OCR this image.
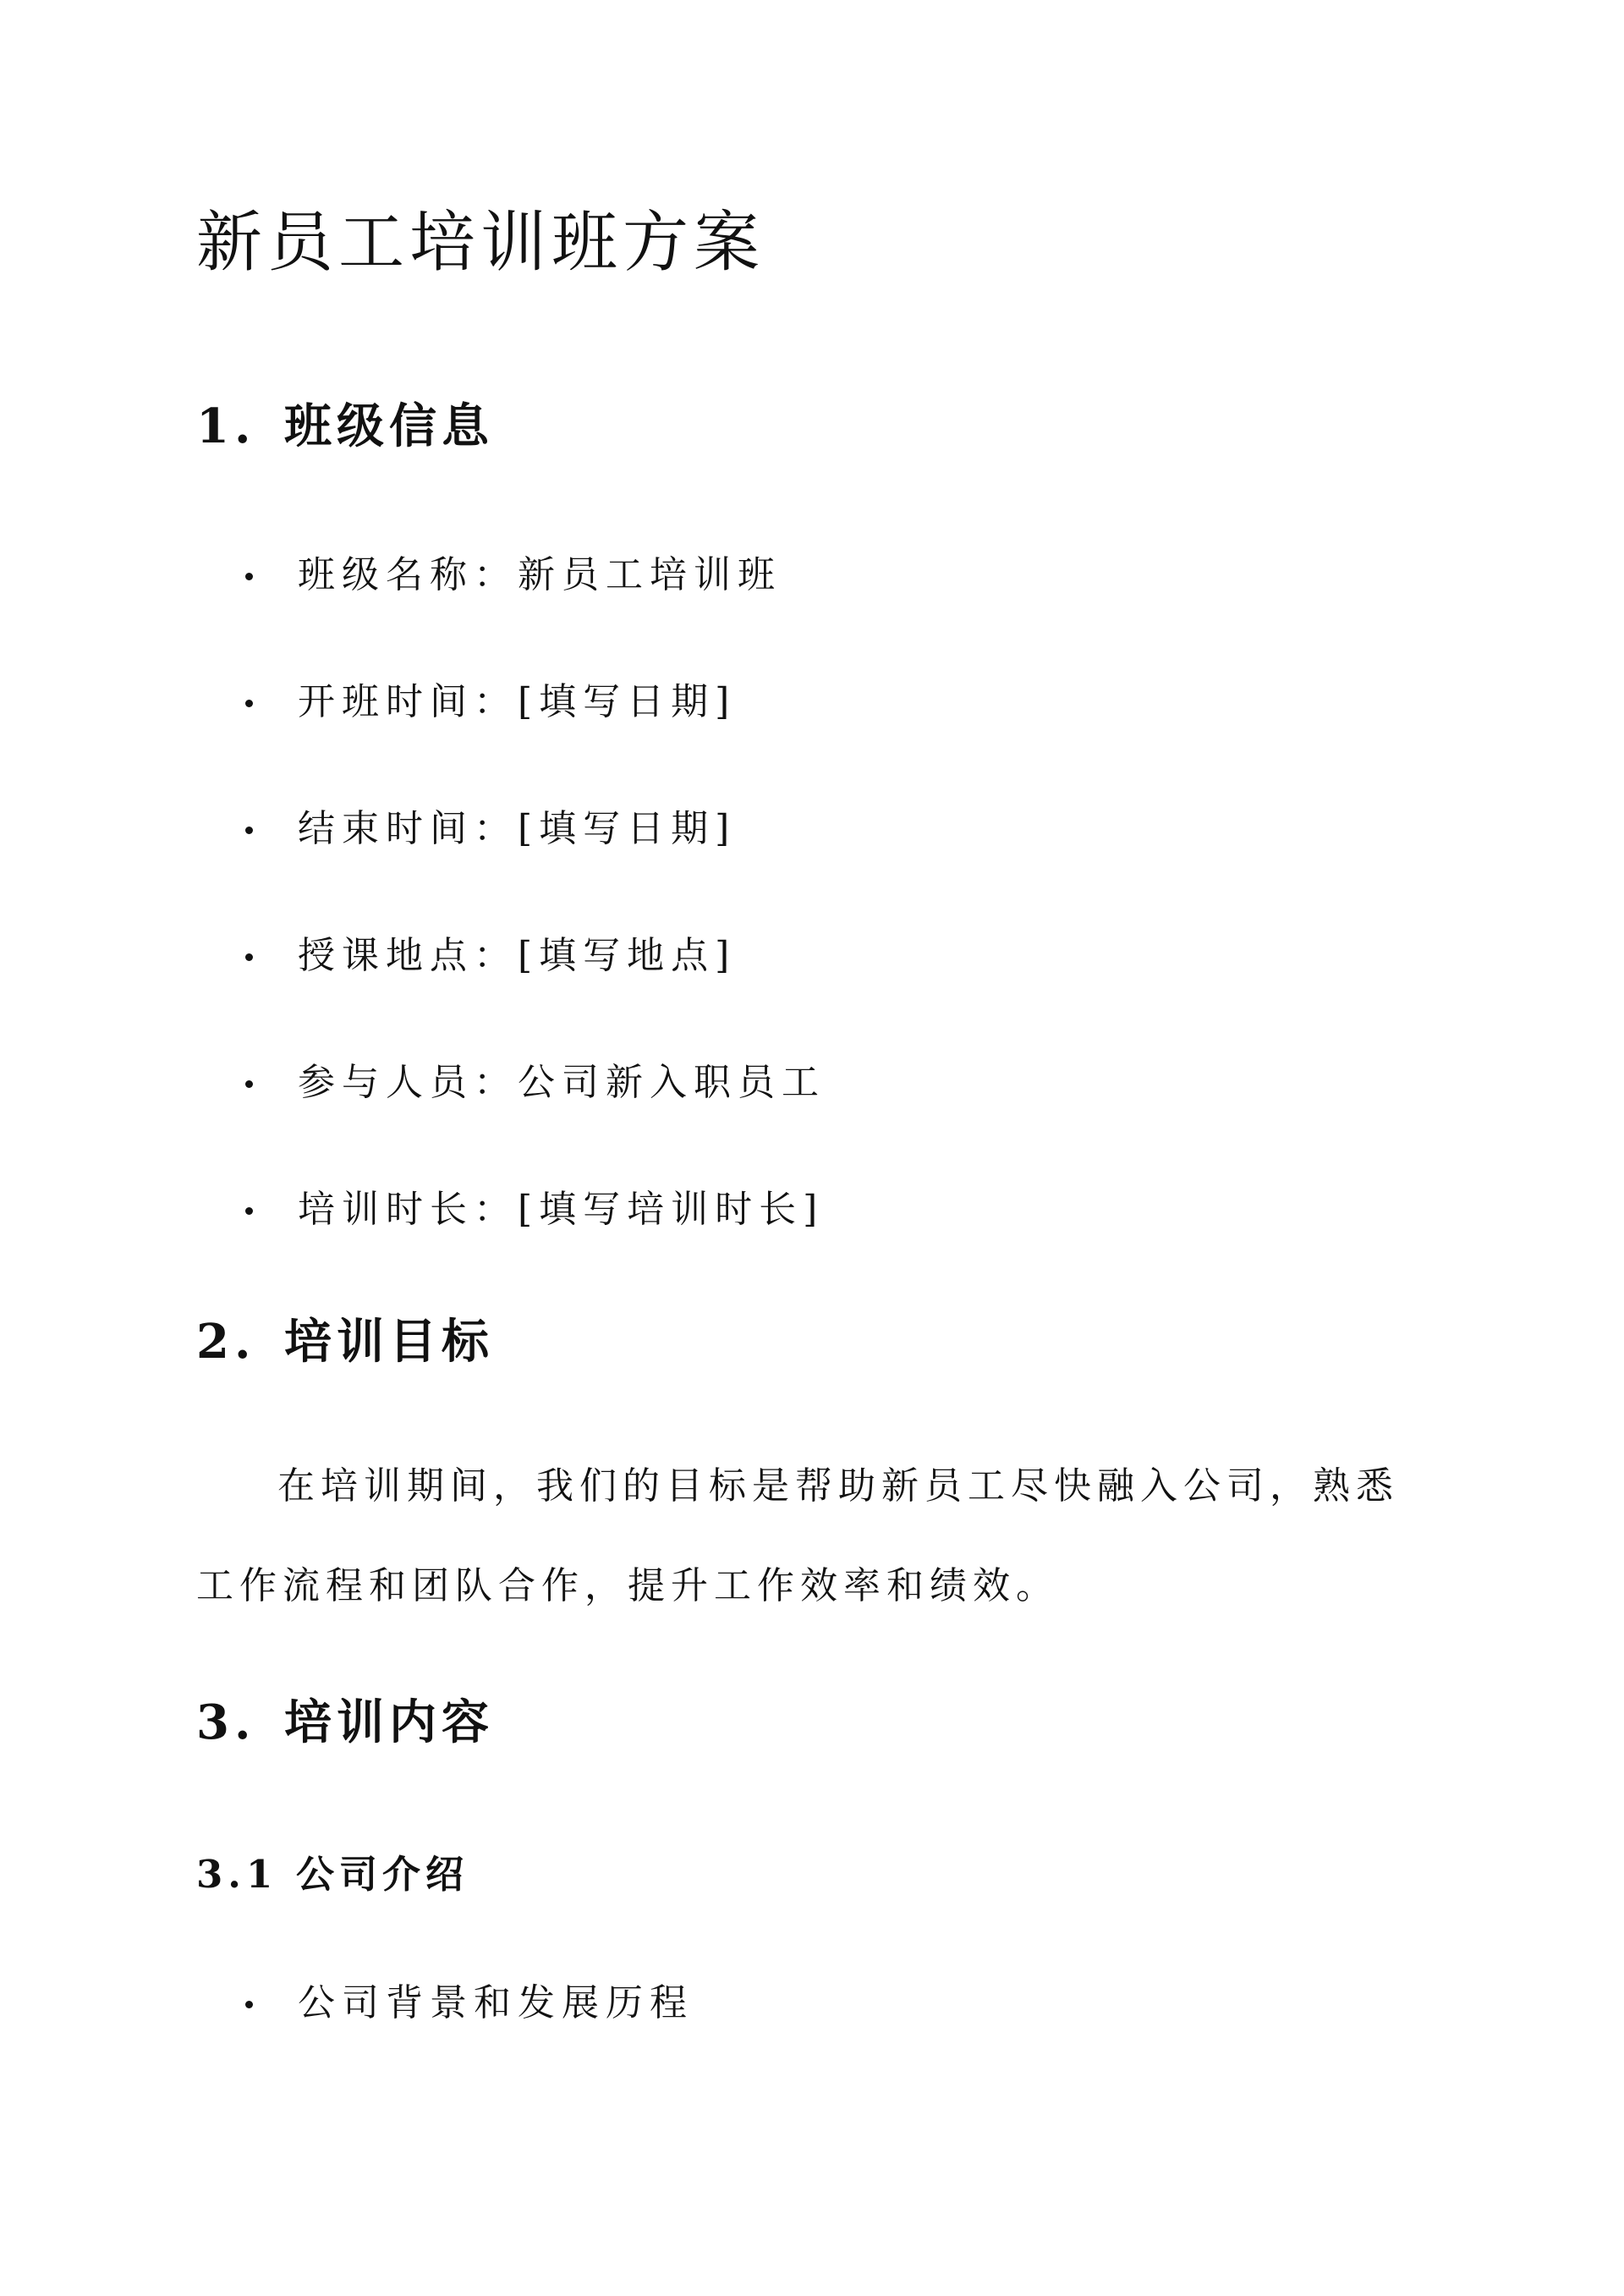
新员工培训班方案
1. 班级信息
班级名称：新员工培训班
开班时间：[填写日期]
结束时间：[填写日期]
授课地点：[填写地点]
参与人员：公司新入职员工
培训时长：[填写培训时长]
2. 培训目标

在培训期间，我们的目标是帮助新员工尽快融入公司，熟悉工作流程和团队合作，提升工作效率和绩效。

3. 培训内容
3.1 公司介绍
公司背景和发展历程
